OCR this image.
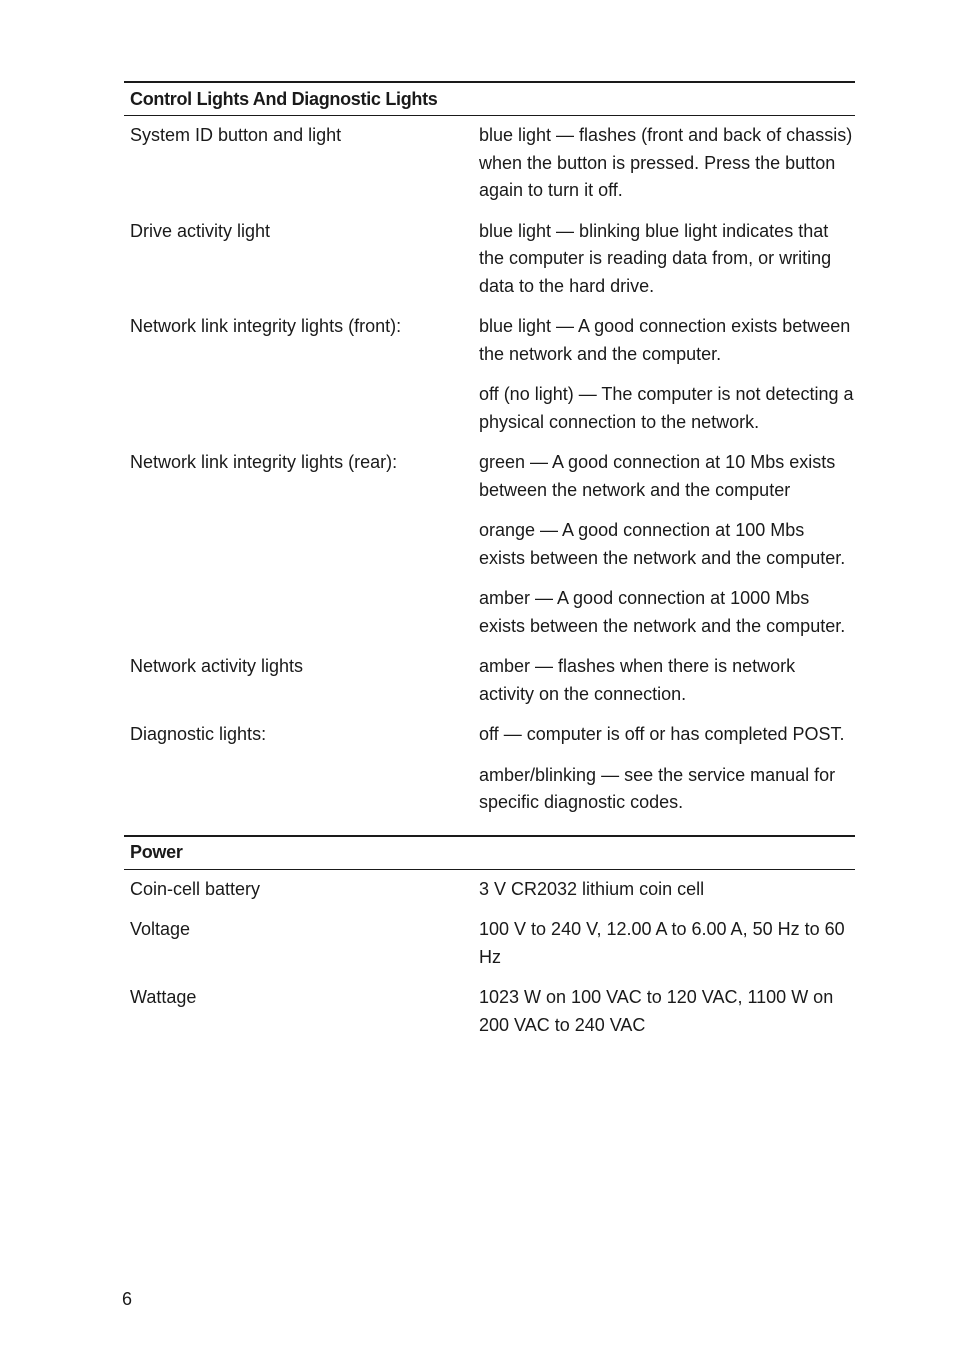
Control Lights And Diagnostic Lights
System ID button and light	blue light — flashes (front and back of chassis) when the button is pressed. Press the button again to turn it off.
Drive activity light	blue light — blinking blue light indicates that the computer is reading data from, or writing data to the hard drive.
Network link integrity lights (front):	blue light — A good connection exists between the network and the computer.
off (no light) — The computer is not detecting a physical connection to the network.
Network link integrity lights (rear):	green — A good connection at 10 Mbs exists between the network and the computer
orange — A good connection at 100 Mbs exists between the network and the computer.
amber — A good connection at 1000 Mbs exists between the network and the computer.
Network activity lights	amber — flashes when there is network activity on the connection.
Diagnostic lights:	off — computer is off or has completed POST.
amber/blinking — see the service manual for specific diagnostic codes.
Power
Coin-cell battery	3 V CR2032 lithium coin cell
Voltage	100 V to 240 V, 12.00 A to 6.00 A, 50 Hz to 60 Hz
Wattage	1023 W on 100 VAC to 120 VAC, 1100 W on 200 VAC to 240 VAC
6
